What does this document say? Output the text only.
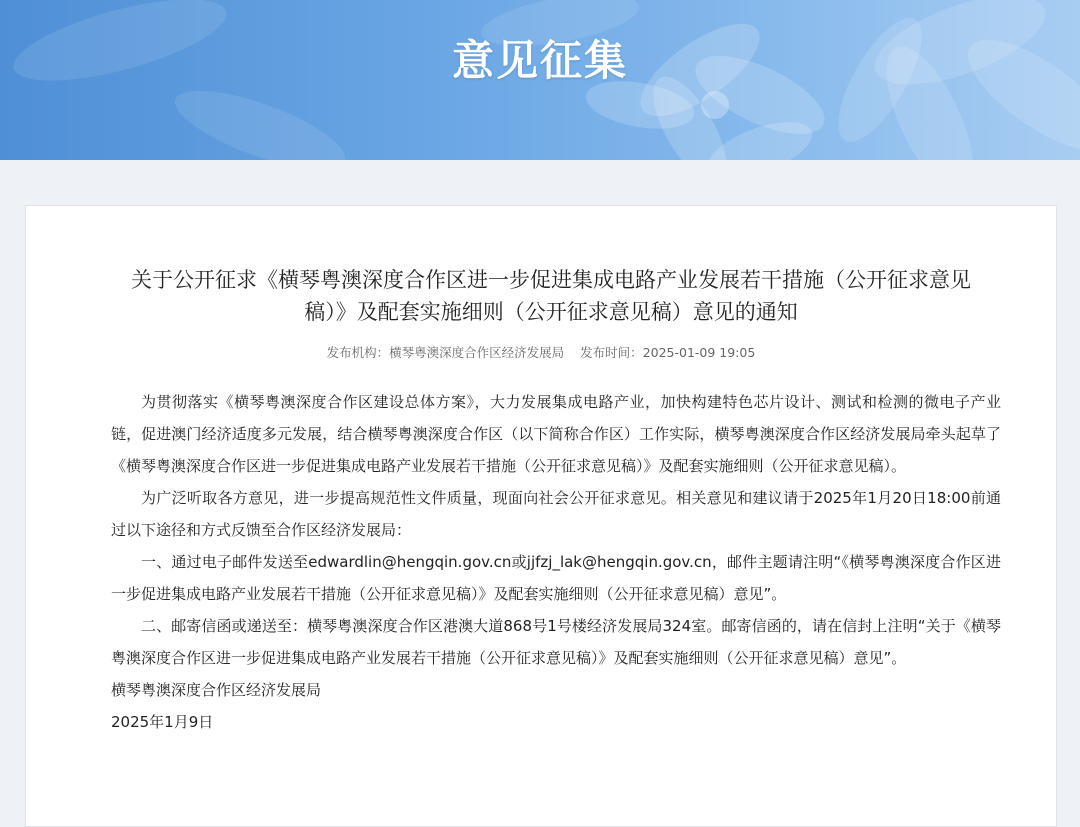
意见征集
关于公开征求《横琴粤澳深度合作区进一步促进集成电路产业发展若干措施（公开征求意见稿）》及配套实施细则（公开征求意见稿）意见的通知
发布机构：横琴粤澳深度合作区经济发展局 发布时间：2025-01-09 19:05

为贯彻落实《横琴粤澳深度合作区建设总体方案》，大力发展集成电路产业，加快构建特色芯片设计、测试和检测的微电子产业链，促进澳门经济适度多元发展，结合横琴粤澳深度合作区（以下简称合作区）工作实际，横琴粤澳深度合作区经济发展局牵头起草了《横琴粤澳深度合作区进一步促进集成电路产业发展若干措施（公开征求意见稿）》及配套实施细则（公开征求意见稿）。

为广泛听取各方意见，进一步提高规范性文件质量，现面向社会公开征求意见。相关意见和建议请于2025年1月20日18:00前通过以下途径和方式反馈至合作区经济发展局：

一、通过电子邮件发送至edwardlin@hengqin.gov.cn或jjfzj_lak@hengqin.gov.cn，邮件主题请注明“《横琴粤澳深度合作区进一步促进集成电路产业发展若干措施（公开征求意见稿）》及配套实施细则（公开征求意见稿）意见”。

二、邮寄信函或递送至：横琴粤澳深度合作区港澳大道868号1号楼经济发展局324室。邮寄信函的，请在信封上注明“关于《横琴粤澳深度合作区进一步促进集成电路产业发展若干措施（公开征求意见稿）》及配套实施细则（公开征求意见稿）意见”。

横琴粤澳深度合作区经济发展局

2025年1月9日
